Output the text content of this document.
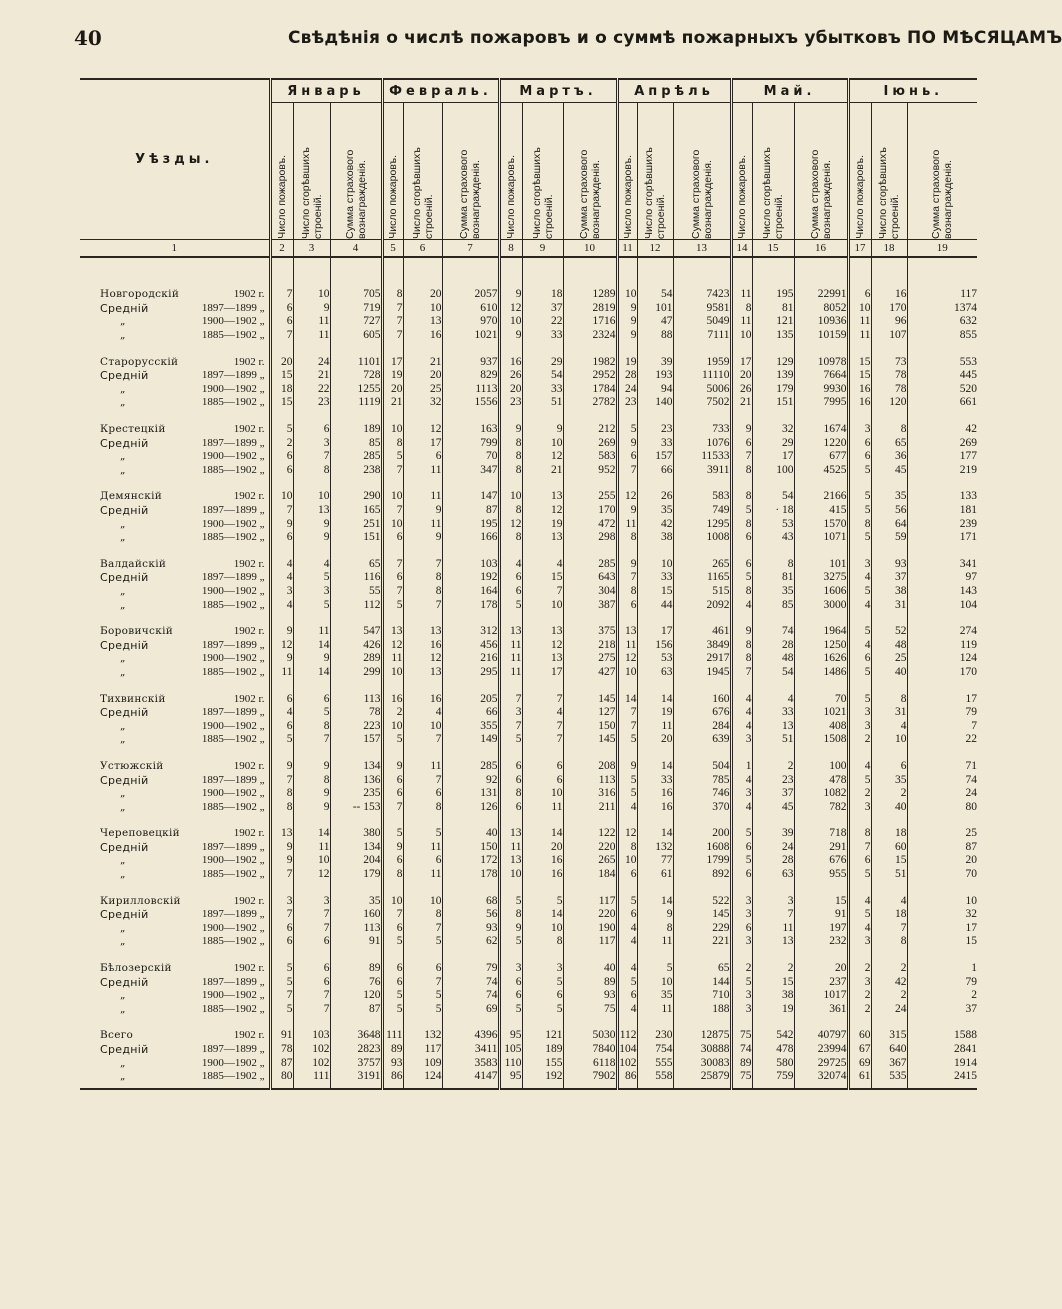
40	Свѣдѣнія о числѣ пожаровъ и о суммѣ пожарныхъ убытковъ ПО МѢСЯЦАМЪ
Уѣзды.	Январь			Февраль.			Мартъ.			Апрѣль			Май.			Іюнь.		

	Число пожаровъ.	Число сгорѣвшихъ строеній.	Сумма страхового вознагражденія.	Число пожаровъ.	Число сгорѣвшихъ строеній.	Сумма страхового вознагражденія.	Число пожаровъ.	Число сгорѣвшихъ строеній.	Сумма страхового вознагражденія.	Число пожаровъ.	Число сгорѣвшихъ строеній.	Сумма страхового вознагражденія.	Число пожаровъ.	Число сгорѣвшихъ строеній.	Сумма страхового вознагражденія.	Число пожаровъ.	Число сгорѣвшихъ строеній.	Сумма страхового вознагражденія.

1	2	3	4	5	6	7	8	9	10	11	12	13	14	15	16	17	18	19

Новгородскій 1902 г.	7	10	705	8	20	2057	9	18	1289	10	54	7423	11	195	22991	6	16	117

Средній 1897—1899 „	6	9	719	7	10	610	12	37	2819	9	101	9581	8	81	8052	10	170	1374

„ 1900—1902 „	6	11	727	7	13	970	10	22	1716	9	47	5049	11	121	10936	11	96	632

„ 1885—1902 „	7	11	605	7	16	1021	9	33	2324	9	88	7111	10	135	10159	11	107	855

Старорусскій 1902 г.	20	24	1101	17	21	937	16	29	1982	19	39	1959	17	129	10978	15	73	553

Средній 1897—1899 „	15	21	728	19	20	829	26	54	2952	28	193	11110	20	139	7664	15	78	445

„ 1900—1902 „	18	22	1255	20	25	1113	20	33	1784	24	94	5006	26	179	9930	16	78	520

„ 1885—1902 „	15	23	1119	21	32	1556	23	51	2782	23	140	7502	21	151	7995	16	120	661

Крестецкій 1902 г.	5	6	189	10	12	163	9	9	212	5	23	733	9	32	1674	3	8	42

Средній 1897—1899 „	2	3	85	8	17	799	8	10	269	9	33	1076	6	29	1220	6	65	269

„ 1900—1902 „	6	7	285	5	6	70	8	12	583	6	157	11533	7	17	677	6	36	177

„ 1885—1902 „	6	8	238	7	11	347	8	21	952	7	66	3911	8	100	4525	5	45	219

Демянскій 1902 г.	10	10	290	10	11	147	10	13	255	12	26	583	8	54	2166	5	35	133

Средній 1897—1899 „	7	13	165	7	9	87	8	12	170	9	35	749	5	· 18	415	5	56	181

„ 1900—1902 „	9	9	251	10	11	195	12	19	472	11	42	1295	8	53	1570	8	64	239

„ 1885—1902 „	6	9	151	6	9	166	8	13	298	8	38	1008	6	43	1071	5	59	171

Валдайскій 1902 г.	4	4	65	7	7	103	4	4	285	9	10	265	6	8	101	3	93	341

Средній 1897—1899 „	4	5	116	6	8	192	6	15	643	7	33	1165	5	81	3275	4	37	97

„ 1900—1902 „	3	3	55	7	8	164	6	7	304	8	15	515	8	35	1606	5	38	143

„ 1885—1902 „	4	5	112	5	7	178	5	10	387	6	44	2092	4	85	3000	4	31	104

Боровичскій 1902 г.	9	11	547	13	13	312	13	13	375	13	17	461	9	74	1964	5	52	274

Средній 1897—1899 „	12	14	426	12	16	456	11	12	218	11	156	3849	8	28	1250	4	48	119

„ 1900—1902 „	9	9	289	11	12	216	11	13	275	12	53	2917	8	48	1626	6	25	124

„ 1885—1902 „	11	14	299	10	13	295	11	17	427	10	63	1945	7	54	1486	5	40	170

Тихвинскій 1902 г.	6	6	113	16	16	205	7	7	145	14	14	160	4	4	70	5	8	17

Средній 1897—1899 „	4	5	78	2	4	66	3	4	127	7	19	676	4	33	1021	3	31	79

„ 1900—1902 „	6	8	223	10	10	355	7	7	150	7	11	284	4	13	408	3	4	7

„ 1885—1902 „	5	7	157	5	7	149	5	7	145	5	20	639	3	51	1508	2	10	22

Устюжскій 1902 г.	9	9	134	9	11	285	6	6	208	9	14	504	1	2	100	4	6	71

Средній 1897—1899 „	7	8	136	6	7	92	6	6	113	5	33	785	4	23	478	5	35	74

„ 1900—1902 „	8	9	235	6	6	131	8	10	316	5	16	746	3	37	1082	2	2	24

„ 1885—1902 „	8	9	-- 153	7	8	126	6	11	211	4	16	370	4	45	782	3	40	80

Череповецкій 1902 г.	13	14	380	5	5	40	13	14	122	12	14	200	5	39	718	8	18	25

Средній 1897—1899 „	9	11	134	9	11	150	11	20	220	8	132	1608	6	24	291	7	60	87

„ 1900—1902 „	9	10	204	6	6	172	13	16	265	10	77	1799	5	28	676	6	15	20

„ 1885—1902 „	7	12	179	8	11	178	10	16	184	6	61	892	6	63	955	5	51	70

Кирилловскій 1902 г.	3	3	35	10	10	68	5	5	117	5	14	522	3	3	15	4	4	10

Средній 1897—1899 „	7	7	160	7	8	56	8	14	220	6	9	145	3	7	91	5	18	32

„ 1900—1902 „	6	7	113	6	7	93	9	10	190	4	8	229	6	11	197	4	7	17

„ 1885—1902 „	6	6	91	5	5	62	5	8	117	4	11	221	3	13	232	3	8	15

Бѣлозерскій 1902 г.	5	6	89	6	6	79	3	3	40	4	5	65	2	2	20	2	2	1

Средній 1897—1899 „	5	6	76	6	7	74	6	5	89	5	10	144	5	15	237	3	42	79

„ 1900—1902 „	7	7	120	5	5	74	6	6	93	6	35	710	3	38	1017	2	2	2

„ 1885—1902 „	5	7	87	5	5	69	5	5	75	4	11	188	3	19	361	2	24	37

Всего 1902 г.	91	103	3648	111	132	4396	95	121	5030	112	230	12875	75	542	40797	60	315	1588

Средній 1897—1899 „	78	102	2823	89	117	3411	105	189	7840	104	754	30888	74	478	23994	67	640	2841

„ 1900—1902 „	87	102	3757	93	109	3583	110	155	6118	102	555	30083	89	580	29725	69	367	1914

„ 1885—1902 „	80	111	3191	86	124	4147	95	192	7902	86	558	25879	75	759	32074	61	535	2415
